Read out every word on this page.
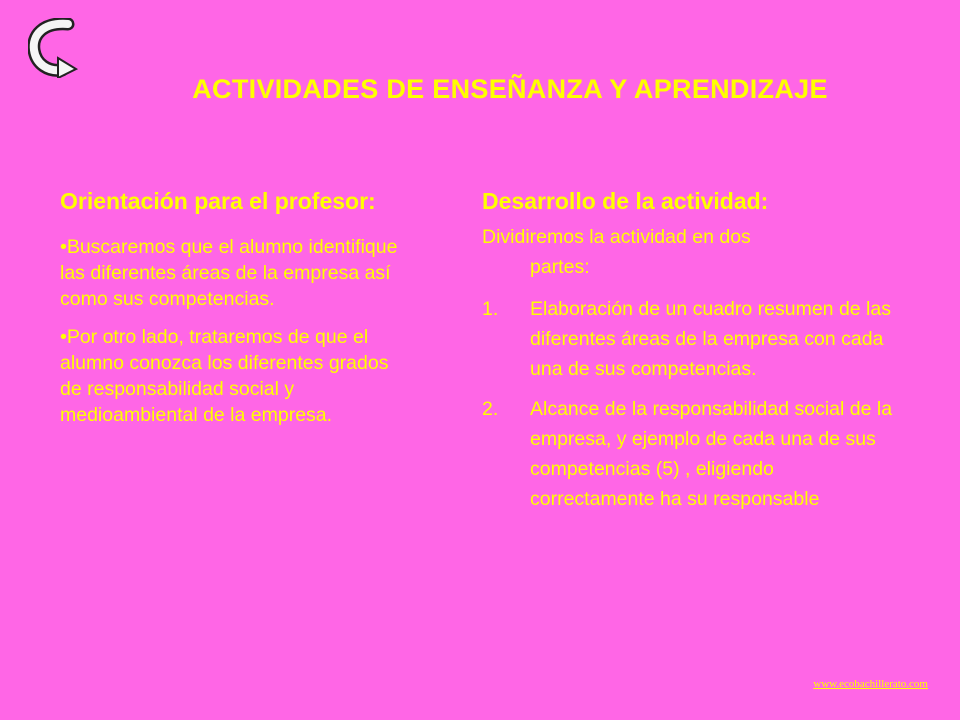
ACTIVIDADES DE ENSEÑANZA Y APRENDIZAJE
Orientación para el profesor:
•Buscaremos que el alumno identifique las diferentes áreas de la empresa así como sus competencias.
•Por otro lado, trataremos de que el alumno conozca los diferentes grados de responsabilidad social y medioambiental de la empresa.
Desarrollo de la actividad:
Dividiremos la actividad en dos
partes:
1.	Elaboración de un cuadro resumen de las diferentes áreas de la empresa con cada una de sus competencias.
2.	Alcance de la responsabilidad social de la empresa, y ejemplo de cada una de sus competencias (5) , eligiendo correctamente ha su responsable
www.ecobachillerato.com
